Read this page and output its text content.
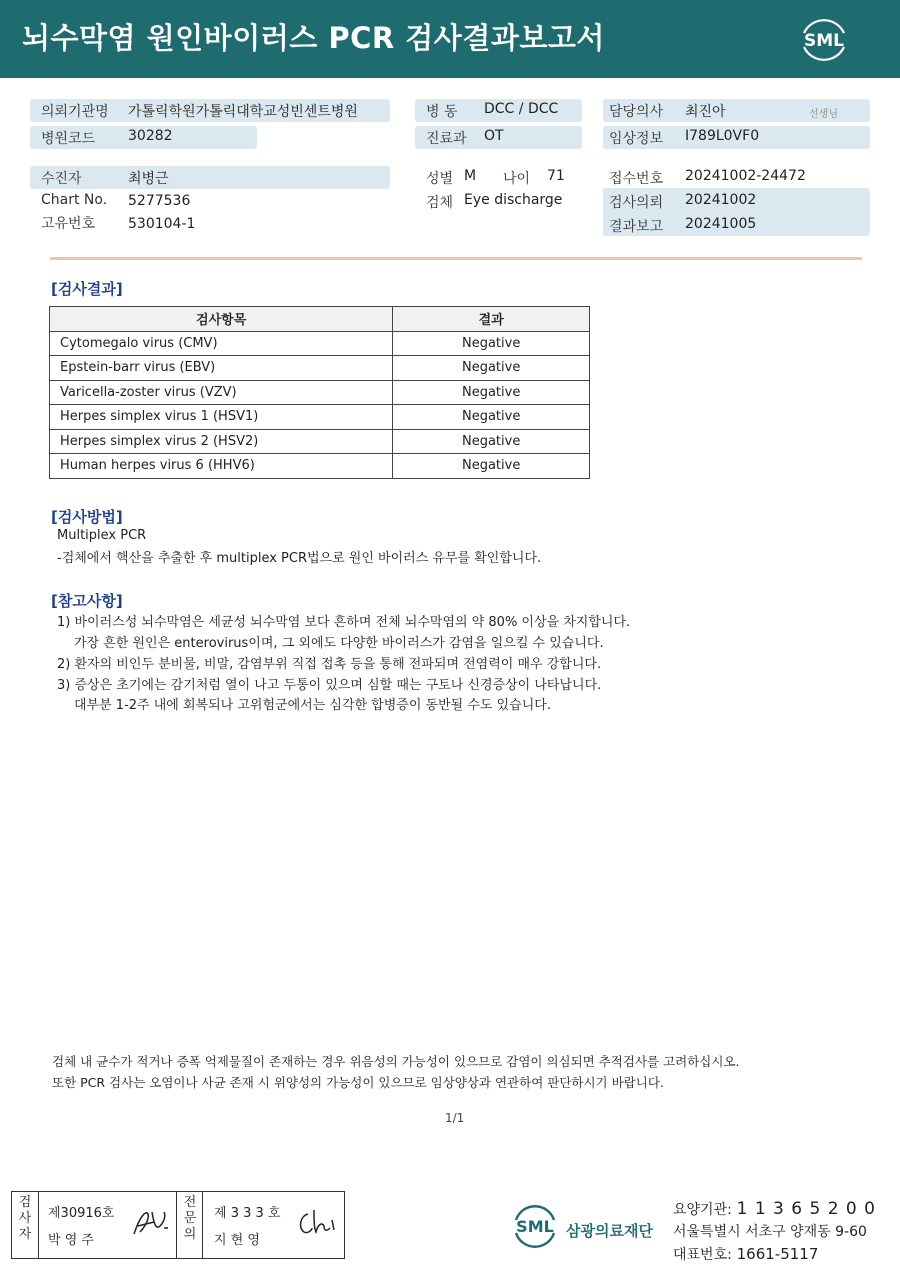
뇌수막염 원인바이러스 PCR 검사결과보고서	SML
의뢰기관명 가톨릭학원가톨릭대학교성빈센트병원
병원코드 30282
병 동 DCC / DCC
진료과 OT
담당의사 최진아	선생님
임상정보 I789L0VF0
수진자	최병근
Chart No. 5277536
고유번호 530104-1
성별 M 나이 71
검체 Eye discharge
접수번호 20241002-24472
검사의뢰 20241002
결과보고 20241005
[검사결과]
검사항목	결과
Cytomegalo virus (CMV)	Negative
Epstein-barr virus (EBV)	Negative
Varicella-zoster virus (VZV)	Negative
Herpes simplex virus 1 (HSV1)	Negative
Herpes simplex virus 2 (HSV2)	Negative
Human herpes virus 6 (HHV6)	Negative
[검사방법]
Multiplex PCR
-검체에서 핵산을 추출한 후 multiplex PCR법으로 원인 바이러스 유무를 확인합니다.
[참고사항]
1) 바이러스성 뇌수막염은 세균성 뇌수막염 보다 흔하며 전체 뇌수막염의 약 80% 이상을 차지합니다.
가장 흔한 원인은 enterovirus이며, 그 외에도 다양한 바이러스가 감염을 일으킬 수 있습니다.
2) 환자의 비인두 분비물, 비말, 감염부위 직접 접촉 등을 통해 전파되며 전염력이 매우 강합니다.
3) 증상은 초기에는 감기처럼 열이 나고 두통이 있으며 심할 때는 구토나 신경증상이 나타납니다.
대부분 1-2주 내에 회복되나 고위험군에서는 심각한 합병증이 동반될 수도 있습니다.
검체 내 균수가 적거나 증폭 억제물질이 존재하는 경우 위음성의 가능성이 있으므로 감염이 의심되면 추적검사를 고려하십시오.
또한 PCR 검사는 오염이나 사균 존재 시 위양성의 가능성이 있으므로 임상양상과 연관하여 판단하시기 바랍니다.
1/1
검사자
제30916호
박 영 주
전문의
제 3 3 3 호
지 현 영
SML 삼광의료재단
요양기관: 1 1 3 6 5 2 0 0
서울특별시 서초구 양재동 9-60
대표번호: 1661-5117
